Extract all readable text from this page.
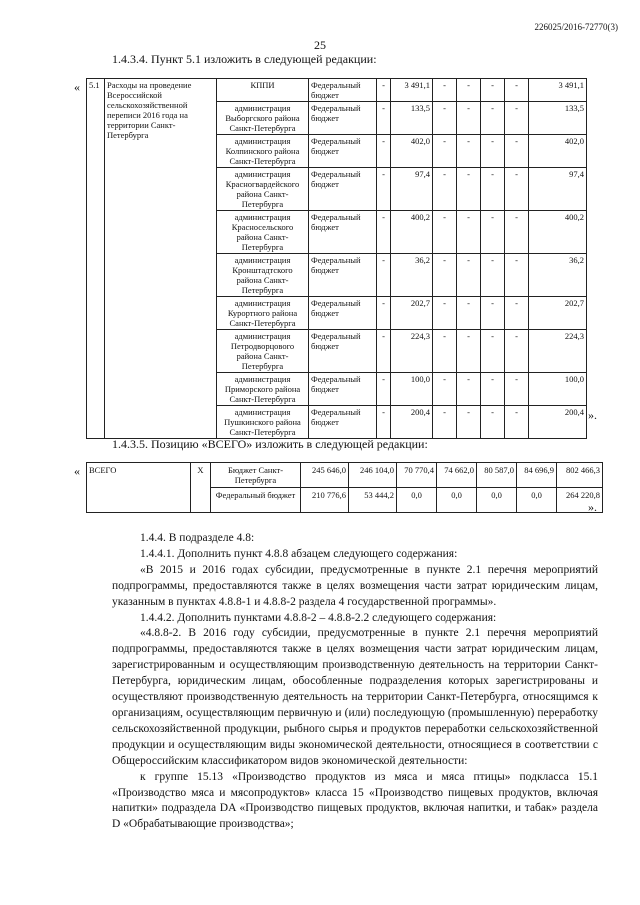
226025/2016-72770(3)
25
1.4.3.4. Пункт 5.1 изложить в следующей редакции:
« 5.1	Расходы на проведение Всероссийской сельскохозяйственной переписи 2016 года на территории Санкт-Петербурга	КППИ	Федеральный бюджет	-	3 491,1	-	-	-	-	3 491,1
		администрация Выборгского района Санкт-Петербурга	Федеральный бюджет	-	133,5	-	-	-	-	133,5
		администрация Колпинского района Санкт-Петербурга	Федеральный бюджет	-	402,0	-	-	-	-	402,0
		администрация Красногвардейского района Санкт-Петербурга	Федеральный бюджет	-	97,4	-	-	-	-	97,4
		администрация Красносельского района Санкт-Петербурга	Федеральный бюджет	-	400,2	-	-	-	-	400,2
		администрация Кронштадтского района Санкт-Петербурга	Федеральный бюджет	-	36,2	-	-	-	-	36,2
		администрация Курортного района Санкт-Петербурга	Федеральный бюджет	-	202,7	-	-	-	-	202,7
		администрация Петродворцового района Санкт-Петербурга	Федеральный бюджет	-	224,3	-	-	-	-	224,3
		администрация Приморского района Санкт-Петербурга	Федеральный бюджет	-	100,0	-	-	-	-	100,0
		администрация Пушкинского района Санкт-Петербурга	Федеральный бюджет	-	200,4	-	-	-	-	200,4 ».
1.4.3.5. Позицию «ВСЕГО» изложить в следующей редакции:
« ВСЕГО	X	Бюджет Санкт-Петербурга	245 646,0	246 104,0	70 770,4	74 662,0	80 587,0	84 696,9	802 466,3
		Федеральный бюджет	210 776,6	53 444,2	0,0	0,0	0,0	0,0	264 220,8
».

1.4.4. В подразделе 4.8:

1.4.4.1. Дополнить пункт 4.8.8 абзацем следующего содержания:

«В 2015 и 2016 годах субсидии, предусмотренные в пункте 2.1 перечня мероприятий подпрограммы, предоставляются также в целях возмещения части затрат юридическим лицам, указанным в пунктах 4.8.8-1 и 4.8.8-2 раздела 4 государственной программы».

1.4.4.2. Дополнить пунктами 4.8.8-2 – 4.8.8-2.2 следующего содержания:

«4.8.8-2. В 2016 году субсидии, предусмотренные в пункте 2.1 перечня мероприятий подпрограммы, предоставляются также в целях возмещения части затрат юридическим лицам, зарегистрированным и осуществляющим производственную деятельность на территории Санкт-Петербурга, юридическим лицам, обособленные подразделения которых зарегистрированы и осуществляют производственную деятельность на территории Санкт-Петербурга, относящимся к организациям, осуществляющим первичную и (или) последующую (промышленную) переработку сельскохозяйственной продукции, рыбного сырья и продуктов переработки сельскохозяйственной продукции и осуществляющим виды экономической деятельности, относящиеся в соответствии с Общероссийским классификатором видов экономической деятельности:

к группе 15.13 «Производство продуктов из мяса и мяса птицы» подкласса 15.1 «Производство мяса и мясопродуктов» класса 15 «Производство пищевых продуктов, включая напитки» подраздела DA «Производство пищевых продуктов, включая напитки, и табак» раздела D «Обрабатывающие производства»;
